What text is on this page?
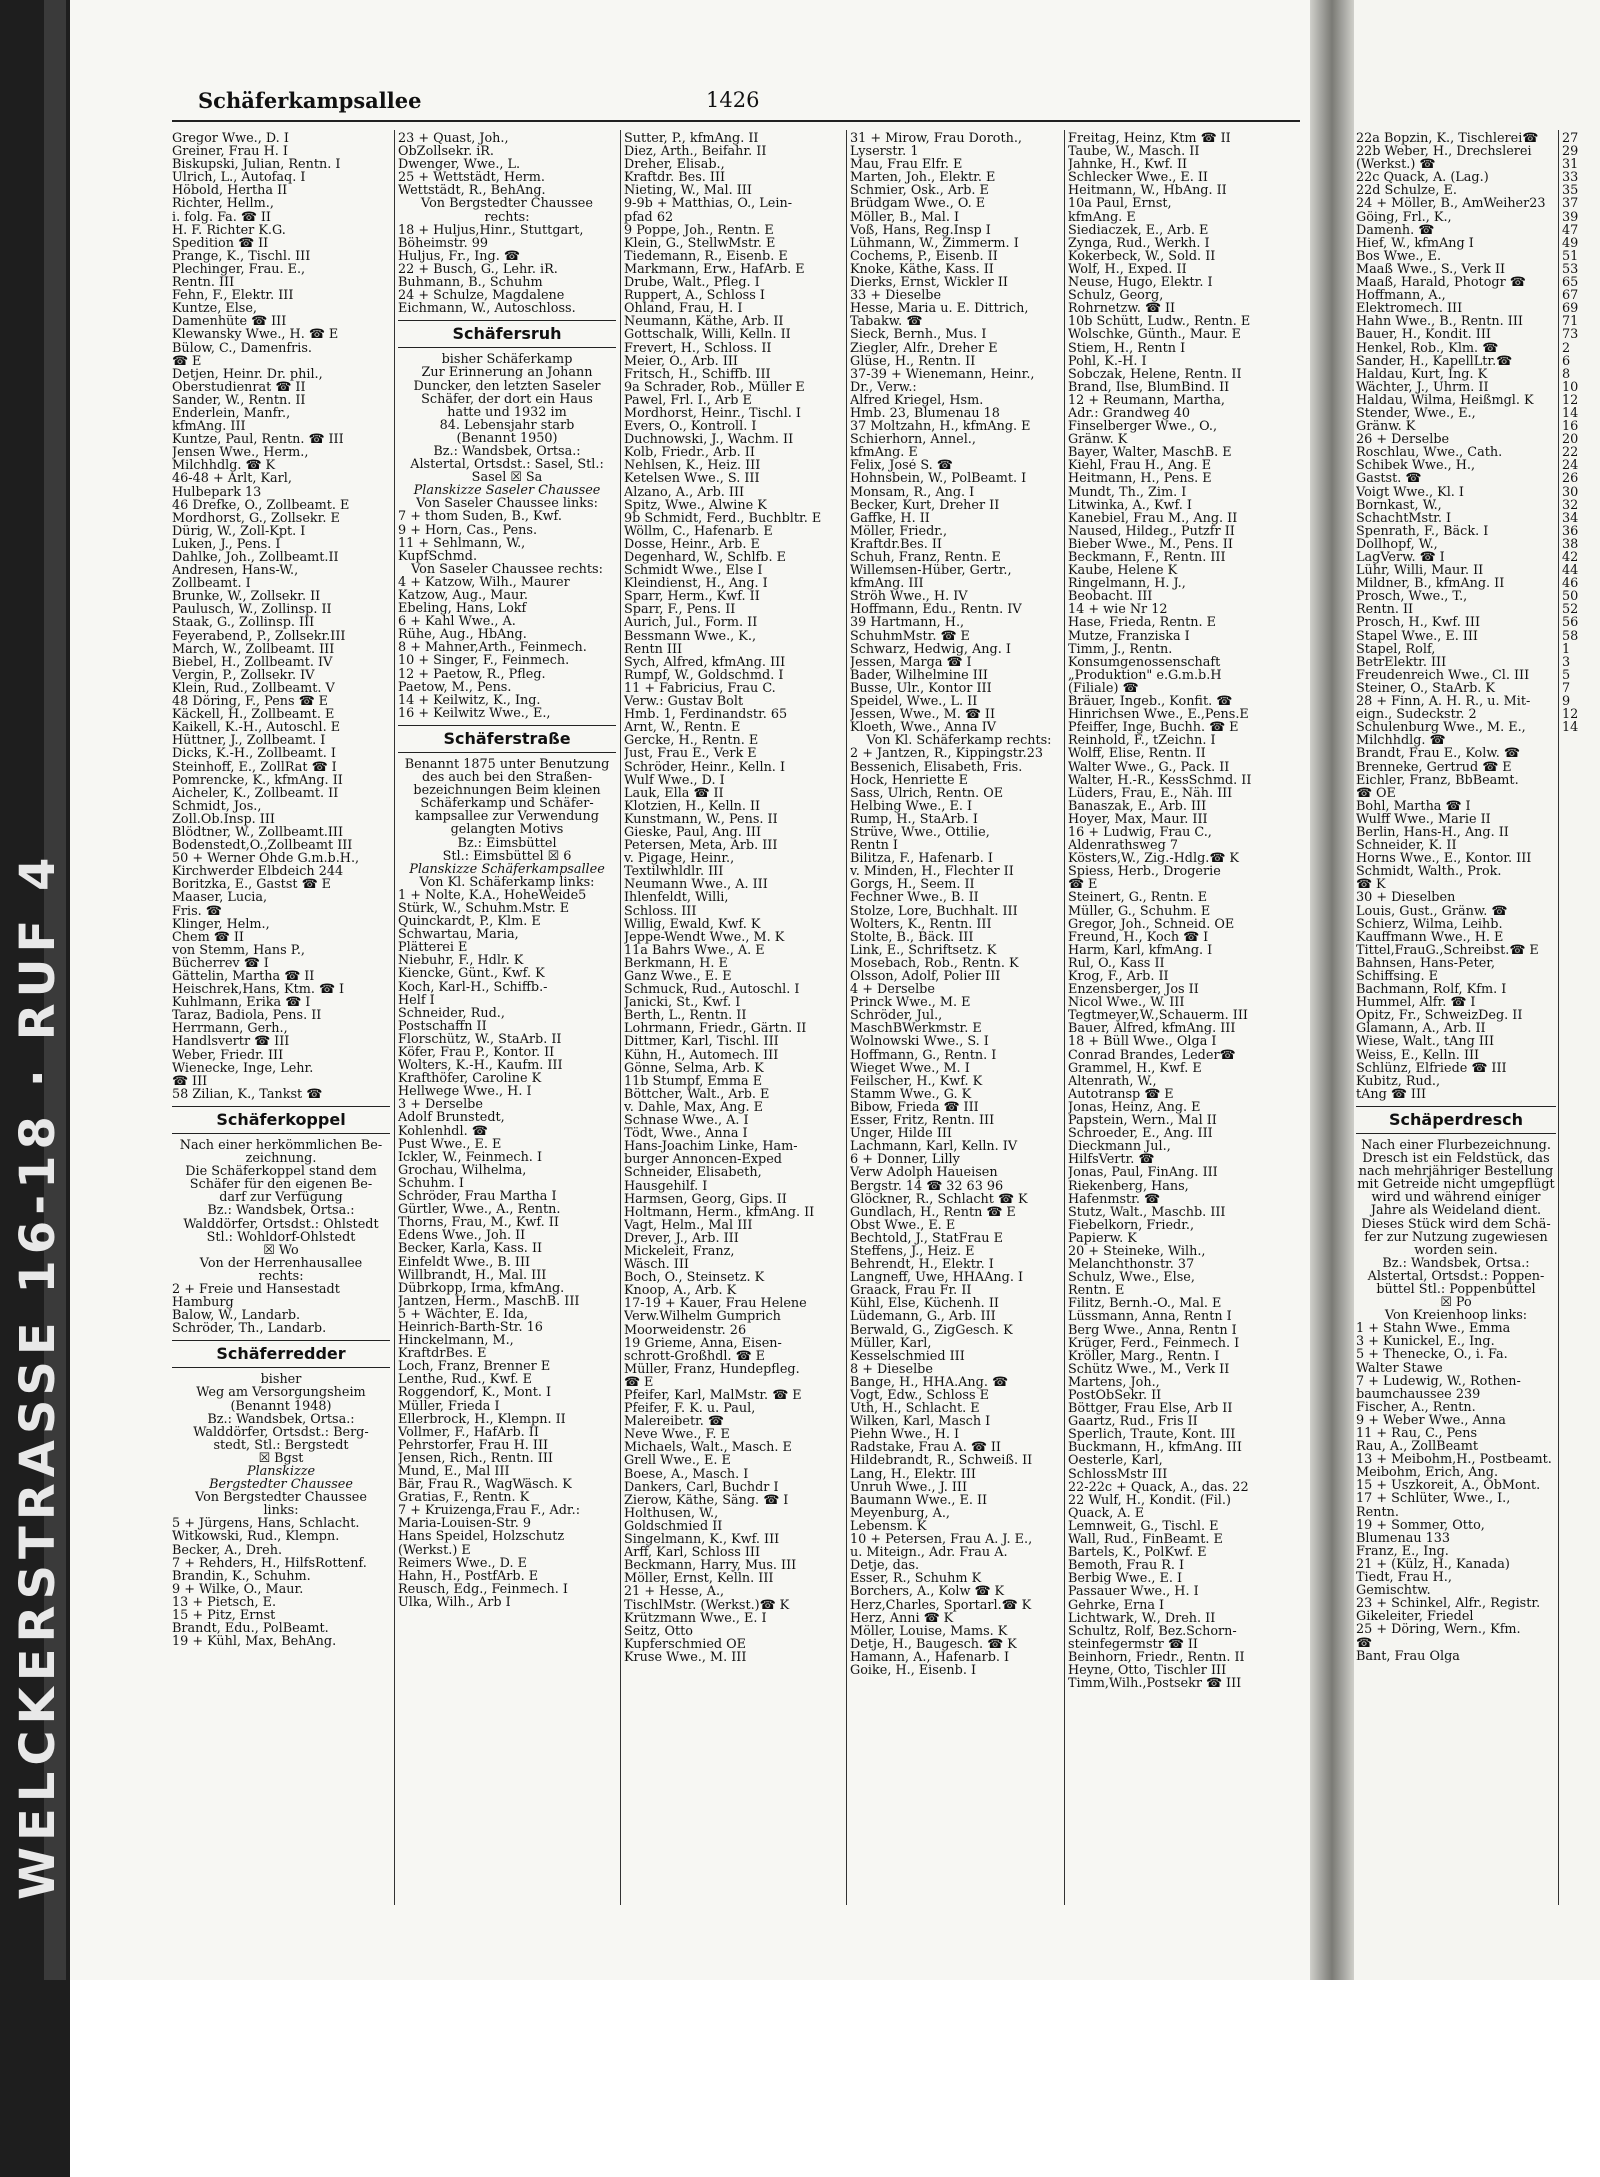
WELCKERSTRASSE 16-18 · RUF 4
Schäferkampsallee	1426

Gregor Wwe., D. I

Greiner, Frau H. I

Biskupski, Julian, Rentn. I

Ulrich, L., Autofaq. I

Höbold, Hertha II

Richter, Hellm.,

i. folg. Fa. ☎ II

H. F. Richter K.G.

Spedition ☎ II

Prange, K., Tischl. III

Plechinger, Frau. E.,

Rentn. III

Fehn, F., Elektr. III

Kuntze, Else,

Damenhüte ☎ III

Klewansky Wwe., H. ☎ E

Bülow, C., Damenfris.

☎ E

Detjen, Heinr. Dr. phil.,

Oberstudienrat ☎ II

Sander, W., Rentn. II

Enderlein, Manfr.,

kfmAng. III

Kuntze, Paul, Rentn. ☎ III

Jensen Wwe., Herm.,

Milchhdlg. ☎ K

46-48 + Arlt, Karl,

Hulbepark 13

46 Drefke, O., Zollbeamt. E

Mordhorst, G., Zollsekr. E

Dürig, W., Zoll-Kpt. I

Luken, J., Pens. I

Dahlke, Joh., Zollbeamt.II

Andresen, Hans-W.,

Zollbeamt. I

Brunke, W., Zollsekr. II

Paulusch, W., Zollinsp. II

Staak, G., Zollinsp. III

Feyerabend, P., Zollsekr.III

March, W., Zollbeamt. III

Biebel, H., Zollbeamt. IV

Vergin, P., Zollsekr. IV

Klein, Rud., Zollbeamt. V

48 Döring, F., Pens ☎ E

Käckell, H., Zollbeamt. E

Kaikell, K.-H., Autoschl. E

Hüttner, J., Zollbeamt. I

Dicks, K.-H., Zollbeamt. I

Steinhoff, E., ZollRat ☎ I

Pomrencke, K., kfmAng. II

Aicheler, K., Zollbeamt. II

Schmidt, Jos.,

Zoll.Ob.Insp. III

Blödtner, W., Zollbeamt.III

Bodenstedt,O.,Zollbeamt III

50 + Werner Ohde G.m.b.H.,

Kirchwerder Elbdeich 244

Boritzka, E., Gastst ☎ E

Maaser, Lucia,

Fris. ☎

Klinger, Helm.,

Chem ☎ II

von Stemm, Hans P.,

Bücherrev ☎ I

Gättelin, Martha ☎ II

Heischrek,Hans, Ktm. ☎ I

Kuhlmann, Erika ☎ I

Taraz, Badiola, Pens. II

Herrmann, Gerh.,

Handlsvertr ☎ III

Weber, Friedr. III

Wienecke, Inge, Lehr.

☎ III

58 Zilian, K., Tankst ☎

Schäferkoppel

Nach einer herkömmlichen Be-

zeichnung.

Die Schäferkoppel stand dem

Schäfer für den eigenen Be-

darf zur Verfügung

Bz.: Wandsbek, Ortsa.:

Walddörfer, Ortsdst.: Ohlstedt

Stl.: Wohldorf-Ohlstedt

☒ Wo

Von der Herrenhausallee

rechts:

2 + Freie und Hansestadt

Hamburg

Balow, W., Landarb.

Schröder, Th., Landarb.

Schäferredder

bisher

Weg am Versorgungsheim

(Benannt 1948)

Bz.: Wandsbek, Ortsa.:

Walddörfer, Ortsdst.: Berg-

stedt, Stl.: Bergstedt

☒ Bgst

Planskizze

Bergstedter Chaussee

Von Bergstedter Chaussee

links:

5 + Jürgens, Hans, Schlacht.

Witkowski, Rud., Klempn.

Becker, A., Dreh.

7 + Rehders, H., HilfsRottenf.

Brandin, K., Schuhm.

9 + Wilke, O., Maur.

13 + Pietsch, E.

15 + Pitz, Ernst

Brandt, Edu., PolBeamt.

19 + Kühl, Max, BehAng.

23 + Quast, Joh.,

ObZollsekr. iR.

Dwenger, Wwe., L.

25 + Wettstädt, Herm.

Wettstädt, R., BehAng.

Von Bergstedter Chaussee

rechts:

18 + Huljus,Hinr., Stuttgart,

Böheimstr. 99

Huljus, Fr., Ing. ☎

22 + Busch, G., Lehr. iR.

Buhmann, B., Schuhm

24 + Schulze, Magdalene

Eichmann, W., Autoschloss.

Schäfersruh

bisher Schäferkamp

Zur Erinnerung an Johann

Duncker, den letzten Saseler

Schäfer, der dort ein Haus

hatte und 1932 im

84. Lebensjahr starb

(Benannt 1950)

Bz.: Wandsbek, Ortsa.:

Alstertal, Ortsdst.: Sasel, Stl.:

Sasel ☒ Sa

Planskizze Saseler Chaussee

Von Saseler Chaussee links:

7 + thom Suden, B., Kwf.

9 + Horn, Cas., Pens.

11 + Sehlmann, W.,

KupfSchmd.

Von Saseler Chaussee rechts:

4 + Katzow, Wilh., Maurer

Katzow, Aug., Maur.

Ebeling, Hans, Lokf

6 + Kahl Wwe., A.

Rühe, Aug., HbAng.

8 + Mahner,Arth., Feinmech.

10 + Singer, F., Feinmech.

12 + Paetow, R., Pfleg.

Paetow, M., Pens.

14 + Keilwitz, K., Ing.

16 + Keilwitz Wwe., E.,

Schäferstraße

Benannt 1875 unter Benutzung

des auch bei den Straßen-

bezeichnungen Beim kleinen

Schäferkamp und Schäfer-

kampsallee zur Verwendung

gelangten Motivs

Bz.: Eimsbüttel

Stl.: Eimsbüttel ☒ 6

Planskizze Schäferkampsallee

Von Kl. Schäferkamp links:

1 + Nolte, K.A., HoheWeide5

Stürk, W., Schuhm.Mstr. E

Quinckardt, P., Klm. E

Schwartau, Maria,

Plätterei E

Niebuhr, F., Hdlr. K

Kiencke, Günt., Kwf. K

Koch, Karl-H., Schiffb.-

Helf I

Schneider, Rud.,

Postschaffn II

Florschütz, W., StaArb. II

Köfer, Frau P., Kontor. II

Wolters, K.-H., Kaufm. III

Krafthöfer, Caroline K

Hellwege Wwe., H. I

3 + Derselbe

Adolf Brunstedt,

Kohlenhdl. ☎

Pust Wwe., E. E

Ickler, W., Feinmech. I

Grochau, Wilhelma,

Schuhm. I

Schröder, Frau Martha I

Gürtler, Wwe., A., Rentn.

Thorns, Frau, M., Kwf. II

Edens Wwe., Joh. II

Becker, Karla, Kass. II

Einfeldt Wwe., B. III

Willbrandt, H., Mal. III

Dübrkopp, Irma, kfmAng.

Jantzen, Herm., MaschB. III

5 + Wächter, E. Ida,

Heinrich-Barth-Str. 16

Hinckelmann, M.,

KraftdrBes. E

Loch, Franz, Brenner E

Lenthe, Rud., Kwf. E

Roggendorf, K., Mont. I

Müller, Frieda I

Ellerbrock, H., Klempn. II

Vollmer, F., HafArb. II

Pehrstorfer, Frau H. III

Jensen, Rich., Rentn. III

Mund, E., Mal III

Bär, Frau R., WagWäsch. K

Gratias, F., Rentn. K

7 + Kruizenga,Frau F., Adr.:

Maria-Louisen-Str. 9

Hans Speidel, Holzschutz

(Werkst.) E

Reimers Wwe., D. E

Hahn, H., PostfArb. E

Reusch, Edg., Feinmech. I

Ulka, Wilh., Arb I

Sutter, P., kfmAng. II

Diez, Arth., Beifahr. II

Dreher, Elisab.,

Kraftdr. Bes. III

Nieting, W., Mal. III

9-9b + Matthias, O., Lein-

pfad 62

9 Poppe, Joh., Rentn. E

Klein, G., StellwMstr. E

Tiedemann, R., Eisenb. E

Markmann, Erw., HafArb. E

Drube, Walt., Pfleg. I

Ruppert, A., Schloss I

Ohland, Frau, H. I

Neumann, Käthe, Arb. II

Gottschalk, Willi, Kelln. II

Frevert, H., Schloss. II

Meier, O., Arb. III

Fritsch, H., Schiffb. III

9a Schrader, Rob., Müller E

Pawel, Frl. I., Arb E

Mordhorst, Heinr., Tischl. I

Evers, O., Kontroll. I

Duchnowski, J., Wachm. II

Kolb, Friedr., Arb. II

Nehlsen, K., Heiz. III

Ketelsen Wwe., S. III

Alzano, A., Arb. III

Spitz, Wwe., Alwine K

9b Schmidt, Ferd., Buchbltr. E

Wöllm, C., Hafenarb. E

Dosse, Heinr., Arb. E

Degenhard, W., Schlfb. E

Schmidt Wwe., Else I

Kleindienst, H., Ang. I

Sparr, Herm., Kwf. II

Sparr, F., Pens. II

Aurich, Jul., Form. II

Bessmann Wwe., K.,

Rentn III

Sych, Alfred, kfmAng. III

Rumpf, W., Goldschmd. I

11 + Fabricius, Frau C.

Verw.: Gustav Bolt

Hmb. 1, Ferdinandstr. 65

Arnt, W., Rentn. E

Gercke, H., Rentn. E

Just, Frau E., Verk E

Schröder, Heinr., Kelln. I

Wulf Wwe., D. I

Lauk, Ella ☎ II

Klotzien, H., Kelln. II

Kunstmann, W., Pens. II

Gieske, Paul, Ang. III

Petersen, Meta, Arb. III

v. Pigage, Heinr.,

Textilwhldlr. III

Neumann Wwe., A. III

Ihlenfeldt, Willi,

Schloss. III

Willig, Ewald, Kwf. K

Jeppe-Wendt Wwe., M. K

11a Bahrs Wwe., A. E

Berkmann, H. E

Ganz Wwe., E. E

Schmuck, Rud., Autoschl. I

Janicki, St., Kwf. I

Berth, L., Rentn. II

Lohrmann, Friedr., Gärtn. II

Dittmer, Karl, Tischl. III

Kühn, H., Automech. III

Gönne, Selma, Arb. K

11b Stumpf, Emma E

Böttcher, Walt., Arb. E

v. Dahle, Max, Ang. E

Schnase Wwe., A. I

Tödt, Wwe., Anna I

Hans-Joachim Linke, Ham-

burger Annoncen-Exped

Schneider, Elisabeth,

Hausgehilf. I

Harmsen, Georg, Gips. II

Holtmann, Herm., kfmAng. II

Vagt, Helm., Mal III

Drever, J., Arb. III

Mickeleit, Franz,

Wäsch. III

Boch, O., Steinsetz. K

Knoop, A., Arb. K

17-19 + Kauer, Frau Helene

Verw.Wilhelm Gumprich

Moorweidenstr. 26

19 Grieme, Anna, Eisen-

schrott-Großhdl. ☎ E

Müller, Franz, Hundepfleg.

☎ E

Pfeifer, Karl, MalMstr. ☎ E

Pfeifer, F. K. u. Paul,

Malereibetr. ☎

Neve Wwe., F. E

Michaels, Walt., Masch. E

Grell Wwe., E. E

Boese, A., Masch. I

Dankers, Carl, Buchdr I

Zierow, Käthe, Säng. ☎ I

Holthusen, W.,

Goldschmied II

Singelmann, K., Kwf. III

Arff, Karl, Schloss III

Beckmann, Harry, Mus. III

Möller, Ernst, Kelln. III

21 + Hesse, A.,

TischlMstr. (Werkst.)☎ K

Krützmann Wwe., E. I

Seitz, Otto

Kupferschmied OE

Kruse Wwe., M. III

31 + Mirow, Frau Doroth.,

Lyserstr. 1

Mau, Frau Elfr. E

Marten, Joh., Elektr. E

Schmier, Osk., Arb. E

Brüdgam Wwe., O. E

Möller, B., Mal. I

Voß, Hans, Reg.Insp I

Lühmann, W., Zimmerm. I

Cochems, P., Eisenb. II

Knoke, Käthe, Kass. II

Dierks, Ernst, Wickler II

33 + Dieselbe

Hesse, Maria u. E. Dittrich,

Tabakw. ☎

Sieck, Bernh., Mus. I

Ziegler, Alfr., Dreher E

Glüse, H., Rentn. II

37-39 + Wienemann, Heinr.,

Dr., Verw.:

Alfred Kriegel, Hsm.

Hmb. 23, Blumenau 18

37 Moltzahn, H., kfmAng. E

Schierhorn, Annel.,

kfmAng. E

Felix, José S. ☎

Hohnsbein, W., PolBeamt. I

Monsam, R., Ang. I

Becker, Kurt, Dreher II

Gaffke, H. II

Möller, Friedr.,

Kraftdr.Bes. II

Schuh, Franz, Rentn. E

Willemsen-Hüber, Gertr.,

kfmAng. III

Ströh Wwe., H. IV

Hoffmann, Edu., Rentn. IV

39 Hartmann, H.,

SchuhmMstr. ☎ E

Schwarz, Hedwig, Ang. I

Jessen, Marga ☎ I

Bader, Wilhelmine III

Busse, Ulr., Kontor III

Speidel, Wwe., L. II

Jessen, Wwe., M. ☎ II

Kloeth, Wwe., Anna IV

Von Kl. Schäferkamp rechts:

2 + Jantzen, R., Kippingstr.23

Bessenich, Elisabeth, Fris.

Hock, Henriette E

Sass, Ulrich, Rentn. OE

Helbing Wwe., E. I

Rump, H., StaArb. I

Strüve, Wwe., Ottilie,

Rentn I

Bilitza, F., Hafenarb. I

v. Minden, H., Flechter II

Gorgs, H., Seem. II

Fechner Wwe., B. II

Stolze, Lore, Buchhalt. III

Wolters, K., Rentn. III

Stolte, B., Bäck. III

Link, E., Schriftsetz. K

Mosebach, Rob., Rentn. K

Olsson, Adolf, Polier III

4 + Derselbe

Princk Wwe., M. E

Schröder, Jul.,

MaschBWerkmstr. E

Wolnowski Wwe., S. I

Hoffmann, G., Rentn. I

Wieget Wwe., M. I

Feilscher, H., Kwf. K

Stamm Wwe., G. K

Bibow, Frieda ☎ III

Esser, Fritz, Rentn. III

Unger, Hilde III

Lachmann, Karl, Kelln. IV

6 + Donner, Lilly

Verw Adolph Haueisen

Bergstr. 14 ☎ 32 63 96

Glöckner, R., Schlacht ☎ K

Gundlach, H., Rentn ☎ E

Obst Wwe., E. E

Bechtold, J., StatFrau E

Steffens, J., Heiz. E

Behrendt, H., Elektr. I

Langneff, Uwe, HHAAng. I

Graack, Frau Fr. II

Kühl, Else, Küchenh. II

Lüdemann, G., Arb. III

Berwald, G., ZigGesch. K

Müller, Karl,

Kesselschmied III

8 + Dieselbe

Bange, H., HHA.Ang. ☎

Vogt, Edw., Schloss E

Uth, H., Schlacht. E

Wilken, Karl, Masch I

Piehn Wwe., H. I

Radstake, Frau A. ☎ II

Hildebrandt, R., Schweiß. II

Lang, H., Elektr. III

Unruh Wwe., J. III

Baumann Wwe., E. II

Meyenburg, A.,

Lebensm. K

10 + Petersen, Frau A. J. E.,

u. Miteign., Adr. Frau A.

Detje, das.

Esser, R., Schuhm K

Borchers, A., Kolw ☎ K

Herz,Charles, Sportarl.☎ K

Herz, Anni ☎ K

Möller, Louise, Mams. K

Detje, H., Baugesch. ☎ K

Hamann, A., Hafenarb. I

Goike, H., Eisenb. I

Freitag, Heinz, Ktm ☎ II

Taube, W., Masch. II

Jahnke, H., Kwf. II

Schlecker Wwe., E. II

Heitmann, W., HbAng. II

10a Paul, Ernst,

kfmAng. E

Siediaczek, E., Arb. E

Zynga, Rud., Werkh. I

Kokerbeck, W., Sold. II

Wolf, H., Exped. II

Neuse, Hugo, Elektr. I

Schulz, Georg,

Rohrnetzw. ☎ II

10b Schütt, Ludw., Rentn. E

Wolschke, Günth., Maur. E

Stiem, H., Rentn I

Pohl, K.-H. I

Sobczak, Helene, Rentn. II

Brand, Ilse, BlumBind. II

12 + Reumann, Martha,

Adr.: Grandweg 40

Finselberger Wwe., O.,

Gränw. K

Bayer, Walter, MaschB. E

Kiehl, Frau H., Ang. E

Heitmann, H., Pens. E

Mundt, Th., Zim. I

Litwinka, A., Kwf. I

Kanebiel, Frau M., Ang. II

Naused, Hildeg., Putzfr II

Bieber Wwe., M., Pens. II

Beckmann, F., Rentn. III

Kaube, Helene K

Ringelmann, H. J.,

Beobacht. III

14 + wie Nr 12

Hase, Frieda, Rentn. E

Mutze, Franziska I

Timm, J., Rentn.

Konsumgenossenschaft

„Produktion" e.G.m.b.H

(Filiale) ☎

Bräuer, Ingeb., Konfit. ☎

Hinrichsen Wwe., E.,Pens.E

Pfeiffer, Inge, Buchh. ☎ E

Reinhold, F., tZeichn. I

Wolff, Elise, Rentn. II

Walter Wwe., G., Pack. II

Walter, H.-R., KessSchmd. II

Lüders, Frau, E., Näh. III

Banaszak, E., Arb. III

Hoyer, Max, Maur. III

16 + Ludwig, Frau C.,

Aldenrathsweg 7

Kösters,W., Zig.-Hdlg.☎ K

Spiess, Herb., Drogerie

☎ E

Steinert, G., Rentn. E

Müller, G., Schuhm. E

Gregor, Joh., Schneid. OE

Freund, H., Koch ☎ I

Harm, Karl, kfmAng. I

Rul, O., Kass II

Krog, F., Arb. II

Enzensberger, Jos II

Nicol Wwe., W. III

Tegtmeyer,W.,Schauerm. III

Bauer, Alfred, kfmAng. III

18 + Büll Wwe., Olga I

Conrad Brandes, Leder☎

Grammel, H., Kwf. E

Altenrath, W.,

Autotransp ☎ E

Jonas, Heinz, Ang. E

Papstein, Wern., Mal II

Schroeder, E., Ang. III

Dieckmann Jul.,

HilfsVertr. ☎

Jonas, Paul, FinAng. III

Riekenberg, Hans,

Hafenmstr. ☎

Stutz, Walt., Maschb. III

Fiebelkorn, Friedr.,

Papierw. K

20 + Steineke, Wilh.,

Melanchthonstr. 37

Schulz, Wwe., Else,

Rentn. E

Filitz, Bernh.-O., Mal. E

Lüssmann, Anna, Rentn I

Berg Wwe., Anna, Rentn I

Krüger, Ferd., Feinmech. I

Kröller, Marg., Rentn. I

Schütz Wwe., M., Verk II

Martens, Joh.,

PostObSekr. II

Böttger, Frau Else, Arb II

Gaartz, Rud., Fris II

Sperlich, Traute, Kont. III

Buckmann, H., kfmAng. III

Oesterle, Karl,

SchlossMstr III

22-22c + Quack, A., das. 22

22 Wulf, H., Kondit. (Fil.)

Quack, A. E

Lemnweit, G., Tischl. E

Wall, Rud., FinBeamt. E

Bartels, K., PolKwf. E

Bemoth, Frau R. I

Berbig Wwe., E. I

Passauer Wwe., H. I

Gehrke, Erna I

Lichtwark, W., Dreh. II

Schultz, Rolf, Bez.Schorn-

steinfegermstr ☎ II

Beinhorn, Friedr., Rentn. II

Heyne, Otto, Tischler III

Timm,Wilh.,Postsekr ☎ III

22a Bopzin, K., Tischlerei☎

22b Weber, H., Drechslerei

(Werkst.) ☎

22c Quack, A. (Lag.)

22d Schulze, E.

24 + Möller, B., AmWeiher23

Göing, Frl., K.,

Damenh. ☎

Hief, W., kfmAng I

Bos Wwe., E.

Maaß Wwe., S., Verk II

Maaß, Harald, Photogr ☎

Hoffmann, A.,

Elektromech. III

Hahn Wwe., B., Rentn. III

Bauer, H., Kondit. III

Henkel, Rob., Klm. ☎

Sander, H., KapellLtr.☎

Haldau, Kurt, Ing. K

Wächter, J., Uhrm. II

Haldau, Wilma, Heißmgl. K

Stender, Wwe., E.,

Gränw. K

26 + Derselbe

Roschlau, Wwe., Cath.

Schibek Wwe., H.,

Gastst. ☎

Voigt Wwe., Kl. I

Bornkast, W.,

SchachtMstr. I

Spenrath, F., Bäck. I

Dollhopf, W.,

LagVerw. ☎ I

Lühr, Willi, Maur. II

Mildner, B., kfmAng. II

Prosch, Wwe., T.,

Rentn. II

Prosch, H., Kwf. III

Stapel Wwe., E. III

Stapel, Rolf,

BetrElektr. III

Freudenreich Wwe., Cl. III

Steiner, O., StaArb. K

28 + Finn, A. H. R., u. Mit-

eign., Sudeckstr. 2

Schulenburg Wwe., M. E.,

Milchhdlg. ☎

Brandt, Frau E., Kolw. ☎

Brenneke, Gertrud ☎ E

Eichler, Franz, BbBeamt.

☎ OE

Bohl, Martha ☎ I

Wulff Wwe., Marie II

Berlin, Hans-H., Ang. II

Schneider, K. II

Horns Wwe., E., Kontor. III

Schmidt, Walth., Prok.

☎ K

30 + Dieselben

Louis, Gust., Gränw. ☎

Schierz, Wilma, Leihb.

Kauffmann Wwe., H. E

Tittel,FrauG.,Schreibst.☎ E

Bahnsen, Hans-Peter,

Schiffsing. E

Bachmann, Rolf, Kfm. I

Hummel, Alfr. ☎ I

Opitz, Fr., SchweizDeg. II

Glamann, A., Arb. II

Wiese, Walt., tAng III

Weiss, E., Kelln. III

Schlünz, Elfriede ☎ III

Kubitz, Rud.,

tAng ☎ III

Schäperdresch

Nach einer Flurbezeichnung.

Dresch ist ein Feldstück, das

nach mehrjähriger Bestellung

mit Getreide nicht umgepflügt

wird und während einiger

Jahre als Weideland dient.

Dieses Stück wird dem Schä-

fer zur Nutzung zugewiesen

worden sein.

Bz.: Wandsbek, Ortsa.:

Alstertal, Ortsdst.: Poppen-

büttel Stl.: Poppenbüttel

☒ Po

Von Kreienhoop links:

1 + Stahn Wwe., Emma

3 + Kunickel, E., Ing.

5 + Thenecke, O., i. Fa.

Walter Stawe

7 + Ludewig, W., Rothen-

baumchaussee 239

Fischer, A., Rentn.

9 + Weber Wwe., Anna

11 + Rau, C., Pens

Rau, A., ZollBeamt

13 + Meibohm,H., Postbeamt.

Meibohm, Erich, Ang.

15 + Uszkoreit, A., ObMont.

17 + Schlüter, Wwe., I.,

Rentn.

19 + Sommer, Otto,

Blumenau 133

Franz, E., Ing.

21 + (Külz, H., Kanada)

Tiedt, Frau H.,

Gemischtw.

23 + Schinkel, Alfr., Registr.

Gikeleiter, Friedel

25 + Döring, Wern., Kfm.

☎

Bant, Frau Olga

27

29

31

33

35

37

39

47

49

51

53

65

67

69

71

73

2

6

8

10

12

14

16

20

22

24

26

30

32

34

36

38

42

44

46

50

52

56

58

1

3

5

7

9

12

14
